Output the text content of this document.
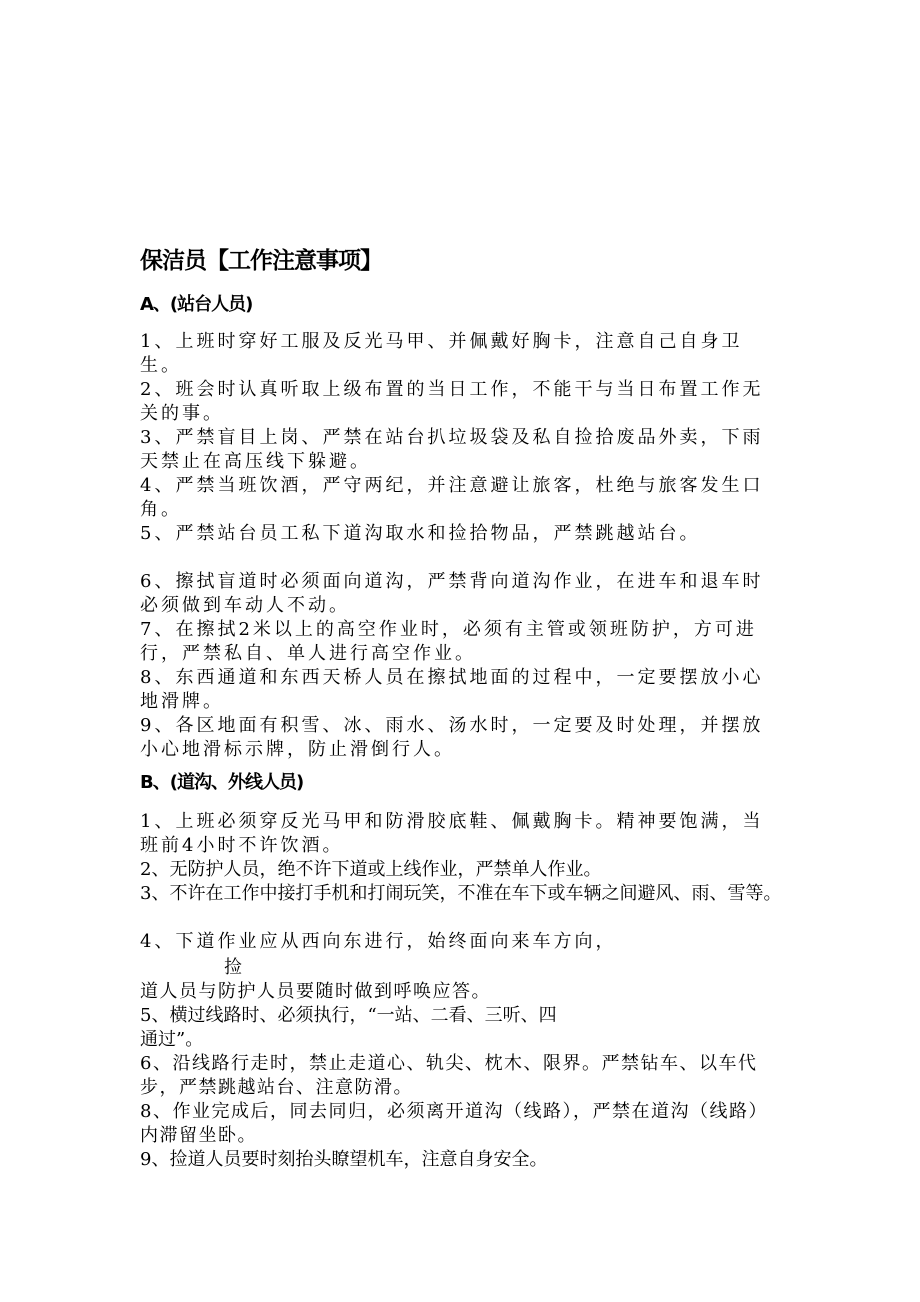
保洁员【工作注意事项】
A、(站台人员)
1、上班时穿好工服及反光马甲、并佩戴好胸卡，注意自己自身卫生。
2、班会时认真听取上级布置的当日工作，不能干与当日布置工作无关的事。
3、严禁盲目上岗、严禁在站台扒垃圾袋及私自捡拾废品外卖，下雨天禁止在高压线下躲避。
4、严禁当班饮酒，严守两纪，并注意避让旅客，杜绝与旅客发生口角。
5、严禁站台员工私下道沟取水和捡拾物品，严禁跳越站台。
6、擦拭盲道时必须面向道沟，严禁背向道沟作业，在进车和退车时必须做到车动人不动。
7、在擦拭2米以上的高空作业时，必须有主管或领班防护，方可进行，严禁私自、单人进行高空作业。
8、东西通道和东西天桥人员在擦拭地面的过程中，一定要摆放小心地滑牌。
9、各区地面有积雪、冰、雨水、汤水时，一定要及时处理，并摆放小心地滑标示牌，防止滑倒行人。
B、(道沟、外线人员)
1、上班必须穿反光马甲和防滑胶底鞋、佩戴胸卡。精神要饱满，当班前4小时不许饮酒。
2、无防护人员，绝不许下道或上线作业，严禁单人作业。
3、不许在工作中接打手机和打闹玩笑，不准在车下或车辆之间避风、雨、雪等。
4、下道作业应从西向东进行，始终面向来车方向，
捡
道人员与防护人员要随时做到呼唤应答。
5、横过线路时、必须执行，“一站、二看、三听、四
通过”。
6、沿线路行走时，禁止走道心、轨尖、枕木、限界。严禁钻车、以车代步，严禁跳越站台、注意防滑。
8、作业完成后，同去同归，必须离开道沟（线路），严禁在道沟（线路）内滞留坐卧。
9、捡道人员要时刻抬头瞭望机车，注意自身安全。
